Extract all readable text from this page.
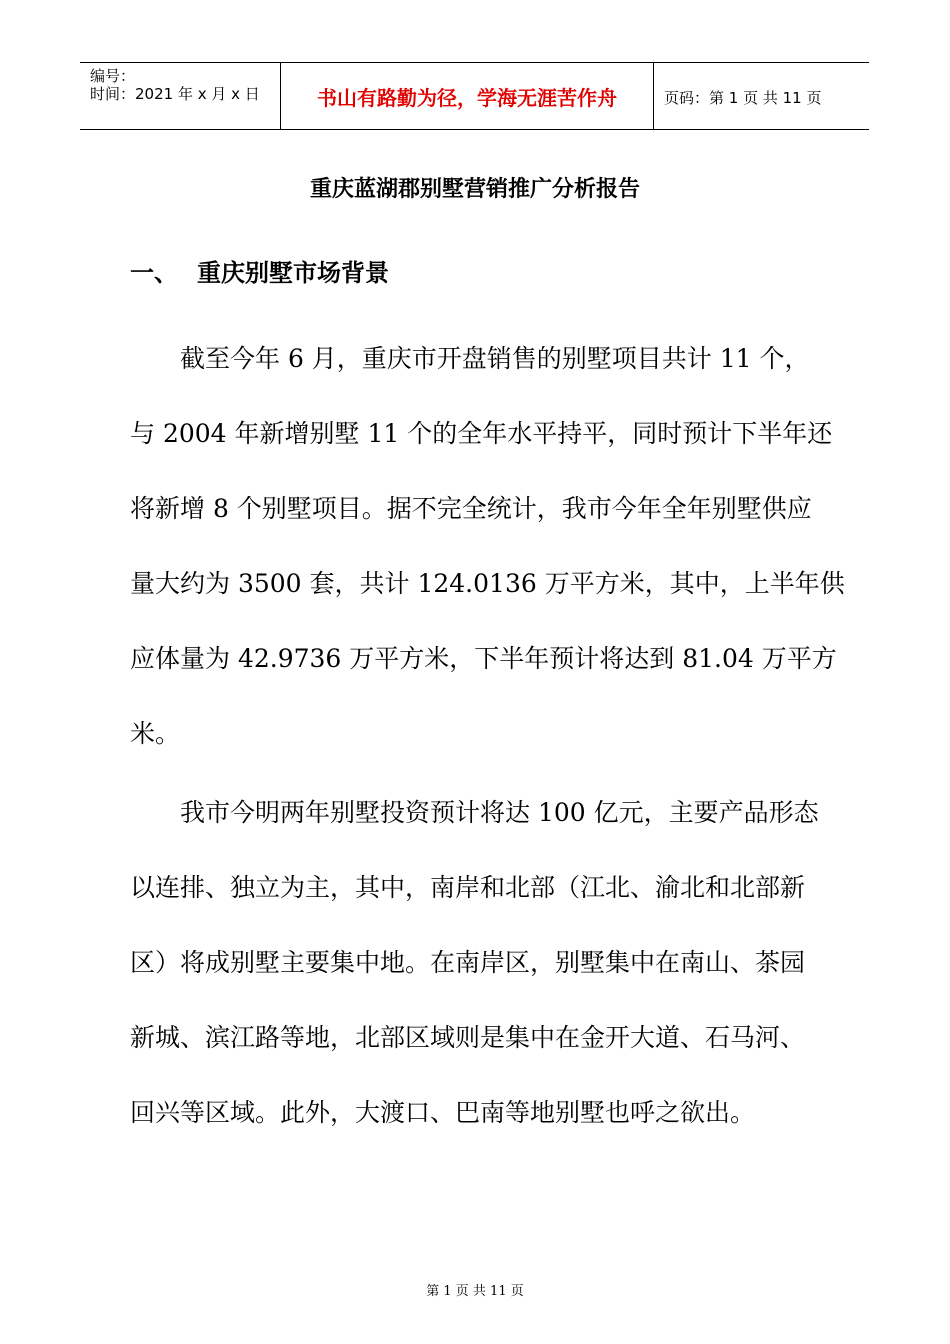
编号：
时间：2021 年 x 月 x 日	书山有路勤为径，学海无涯苦作舟	页码：第 1 页 共 11 页
重庆蓝湖郡别墅营销推广分析报告
一、 重庆别墅市场背景
截至今年 6 月，重庆市开盘销售的别墅项目共计 11 个，
与 2004 年新增别墅 11 个的全年水平持平，同时预计下半年还
将新增 8 个别墅项目。据不完全统计，我市今年全年别墅供应
量大约为 3500 套，共计 124.0136 万平方米，其中，上半年供
应体量为 42.9736 万平方米，下半年预计将达到 81.04 万平方
米。
我市今明两年别墅投资预计将达 100 亿元，主要产品形态
以连排、独立为主，其中，南岸和北部（江北、渝北和北部新
区）将成别墅主要集中地。在南岸区，别墅集中在南山、茶园
新城、滨江路等地，北部区域则是集中在金开大道、石马河、
回兴等区域。此外，大渡口、巴南等地别墅也呼之欲出。
第 1 页 共 11 页
